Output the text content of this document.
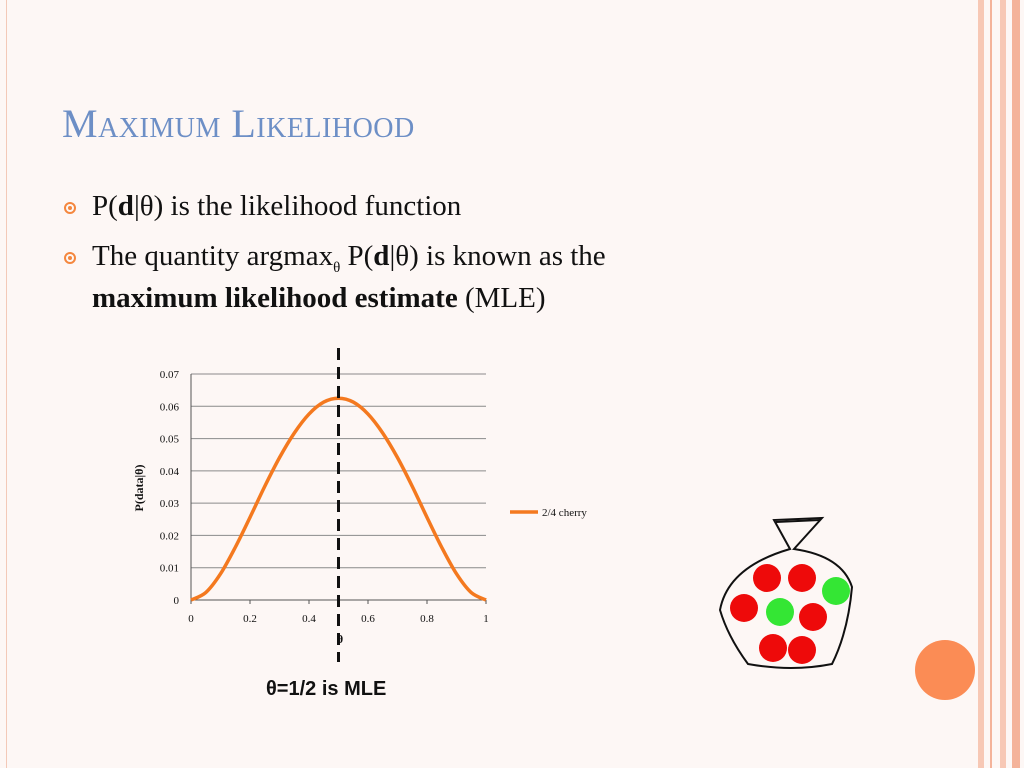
Maximum Likelihood
P(d|θ) is the likelihood function
The quantity argmax$_\theta$ P(d|θ) is known as the
maximum likelihood estimate (MLE)
0
0.01
0.02
0.03
0.04
0.05
0.06
0.07
0	0.2	0.4	0.6	0.8	1
2/4 cherry
P(data|θ)
θ
θ=1/2 is MLE
